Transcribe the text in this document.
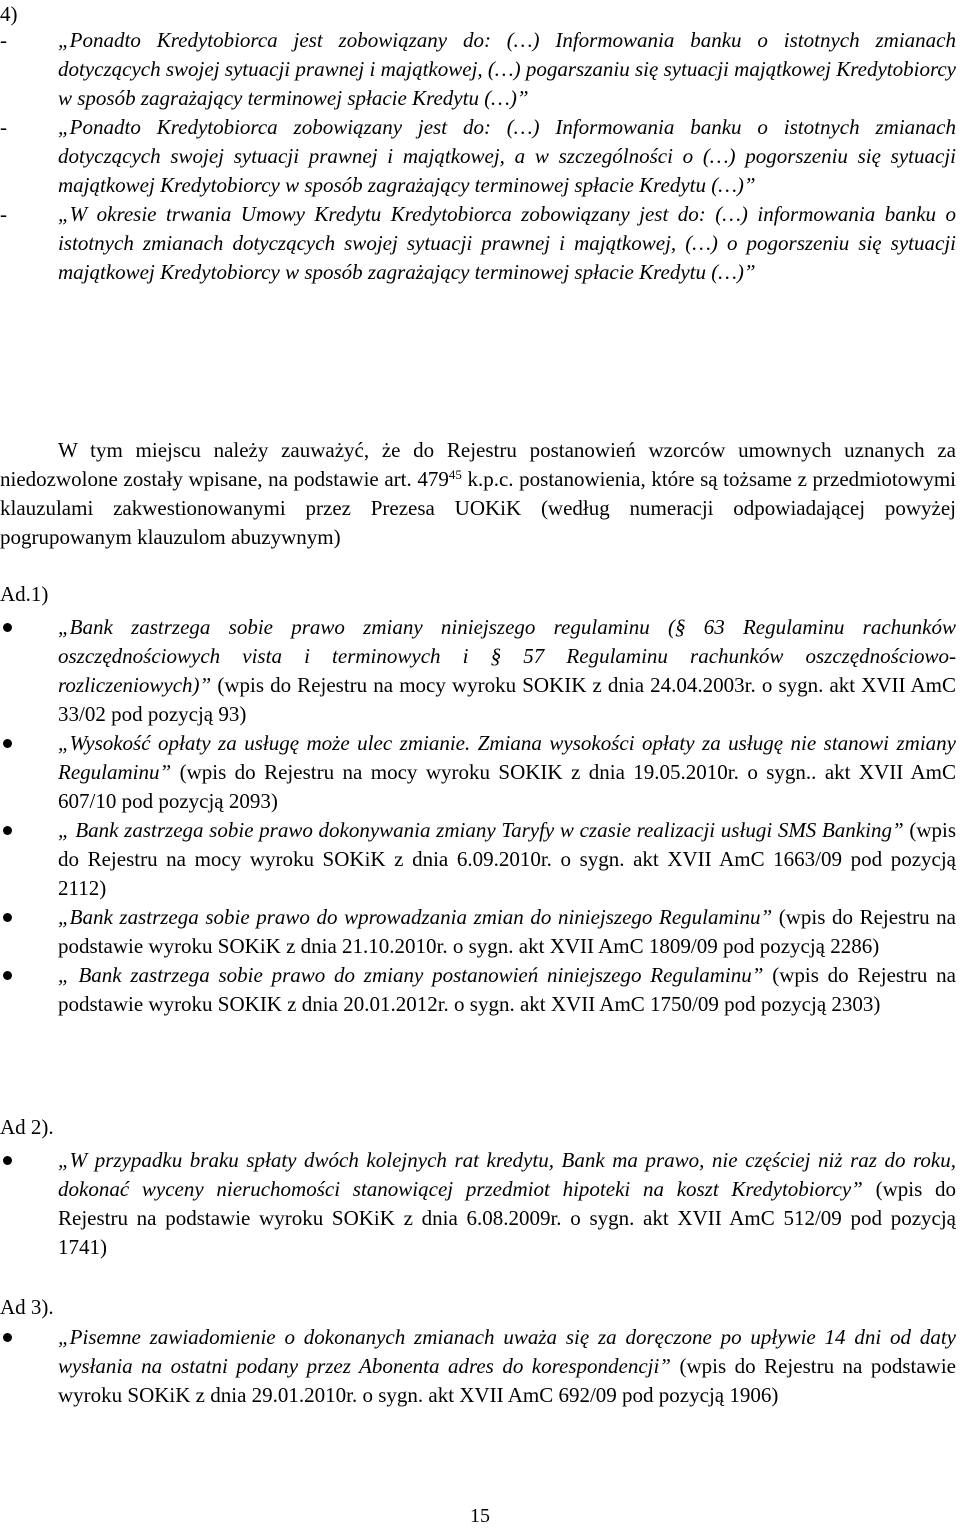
4)
- „Ponadto Kredytobiorca jest zobowiązany do: (…) Informowania banku o istotnych zmianach dotyczących swojej sytuacji prawnej i majątkowej, (…) pogarszaniu się sytuacji majątkowej Kredytobiorcy w sposób zagrażający terminowej spłacie Kredytu (…)”
- „Ponadto Kredytobiorca zobowiązany jest do: (…) Informowania banku o istotnych zmianach dotyczących swojej sytuacji prawnej i majątkowej, a w szczególności o (…) pogorszeniu się sytuacji majątkowej Kredytobiorcy w sposób zagrażający terminowej spłacie Kredytu (…)”
- „W okresie trwania Umowy Kredytu Kredytobiorca zobowiązany jest do: (…) informowania banku o istotnych zmianach dotyczących swojej sytuacji prawnej i majątkowej, (…) o pogorszeniu się sytuacji majątkowej Kredytobiorcy w sposób zagrażający terminowej spłacie Kredytu (…)”
W tym miejscu należy zauważyć, że do Rejestru postanowień wzorców umownych uznanych za niedozwolone zostały wpisane, na podstawie art. $479^{45}$ k.p.c. postanowienia, które są tożsame z przedmiotowymi klauzulami zakwestionowanymi przez Prezesa UOKiK (według numeracji odpowiadającej powyżej pogrupowanym klauzulom abuzywnym)
Ad.1)
„Bank zastrzega sobie prawo zmiany niniejszego regulaminu (§ 63 Regulaminu rachunków oszczędnościowych vista i terminowych i § 57 Regulaminu rachunków oszczędnościowo-rozliczeniowych)” (wpis do Rejestru na mocy wyroku SOKIK z dnia 24.04.2003r. o sygn. akt XVII AmC 33/02 pod pozycją 93)
„Wysokość opłaty za usługę może ulec zmianie. Zmiana wysokości opłaty za usługę nie stanowi zmiany Regulaminu” (wpis do Rejestru na mocy wyroku SOKIK z dnia 19.05.2010r. o sygn.. akt XVII AmC 607/10 pod pozycją 2093)
„ Bank zastrzega sobie prawo dokonywania zmiany Taryfy w czasie realizacji usługi SMS Banking” (wpis do Rejestru na mocy wyroku SOKiK z dnia 6.09.2010r. o sygn. akt XVII AmC 1663/09 pod pozycją 2112)
„Bank zastrzega sobie prawo do wprowadzania zmian do niniejszego Regulaminu” (wpis do Rejestru na podstawie wyroku SOKiK z dnia 21.10.2010r. o sygn. akt XVII AmC 1809/09 pod pozycją 2286)
„ Bank zastrzega sobie prawo do zmiany postanowień niniejszego Regulaminu” (wpis do Rejestru na podstawie wyroku SOKIK z dnia 20.01.2012r. o sygn. akt XVII AmC 1750/09 pod pozycją 2303)
Ad 2).
„W przypadku braku spłaty dwóch kolejnych rat kredytu, Bank ma prawo, nie częściej niż raz do roku, dokonać wyceny nieruchomości stanowiącej przedmiot hipoteki na koszt Kredytobiorcy” (wpis do Rejestru na podstawie wyroku SOKiK z dnia 6.08.2009r. o sygn. akt XVII AmC 512/09 pod pozycją 1741)
Ad 3).
„Pisemne zawiadomienie o dokonanych zmianach uważa się za doręczone po upływie 14 dni od daty wysłania na ostatni podany przez Abonenta adres do korespondencji” (wpis do Rejestru na podstawie wyroku SOKiK z dnia 29.01.2010r. o sygn. akt XVII AmC 692/09 pod pozycją 1906)
15
